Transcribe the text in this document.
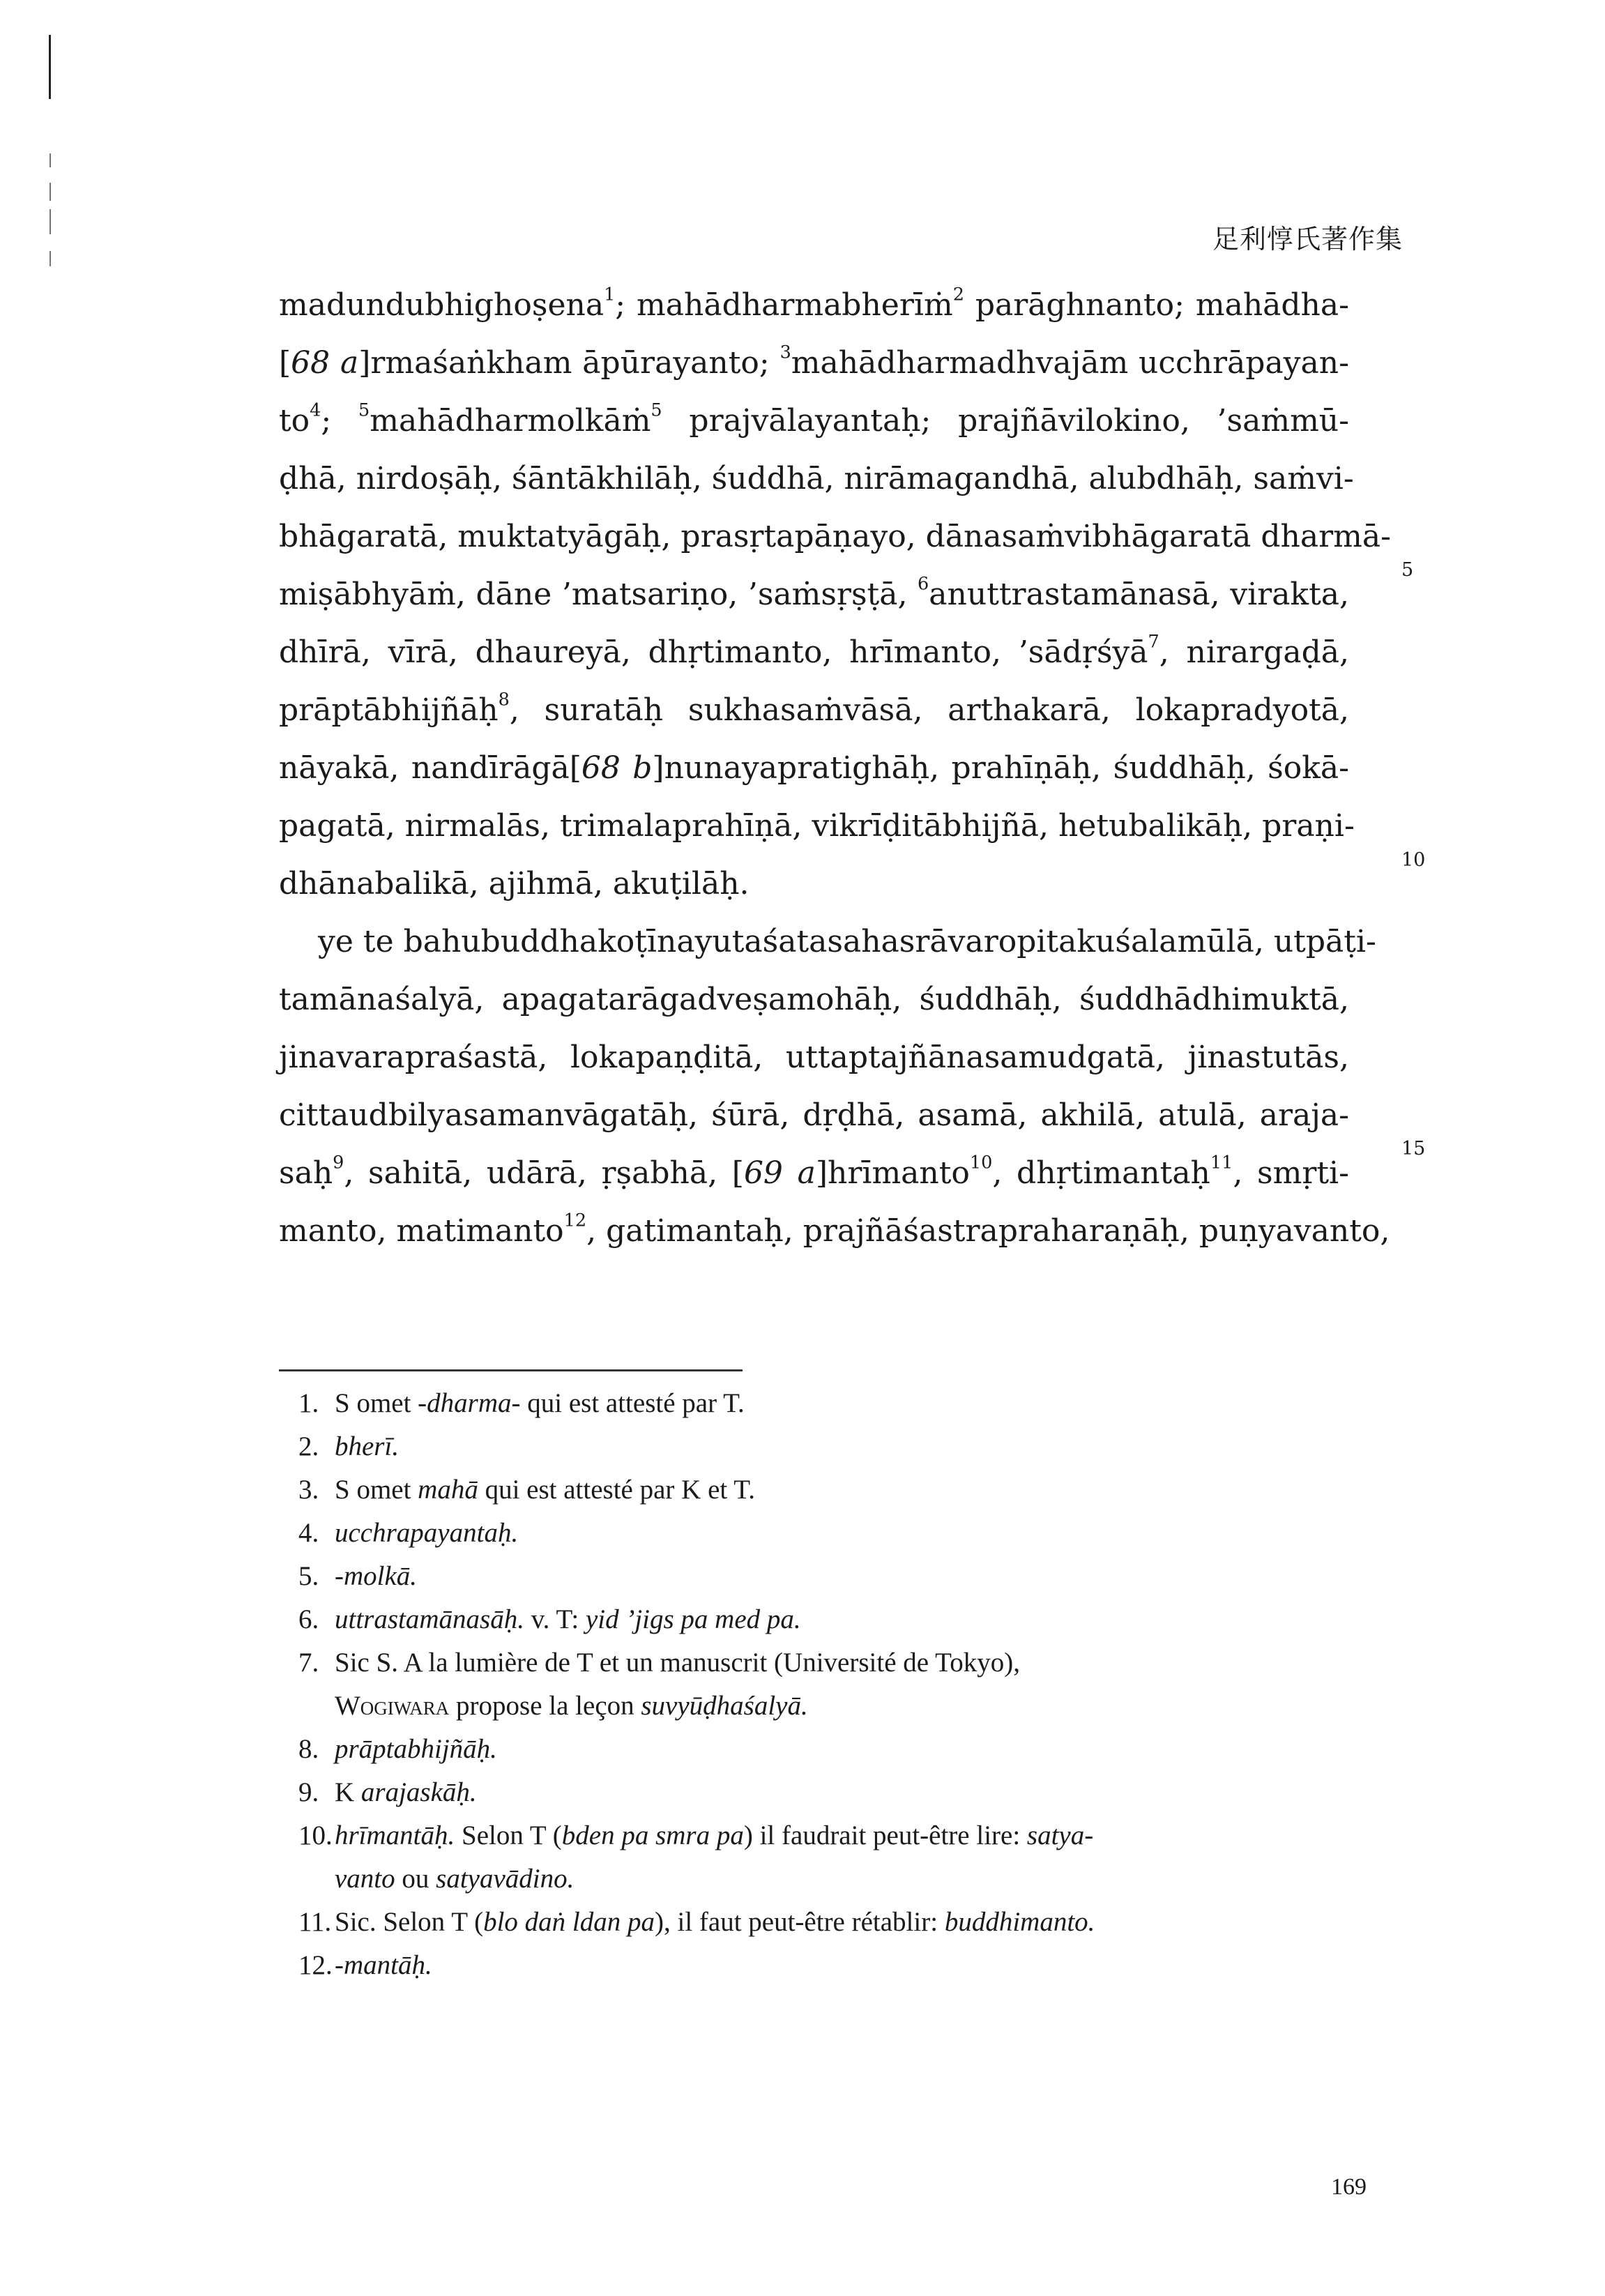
足利惇氏著作集
madundubhighoṣena$^1$; mahādharmabherīṁ$^2$ parāghnanto; mahādha-
[68 a]rmaśaṅkham āpūrayanto; $^3$mahādharmadhvajām ucchrāpayan-
$to^4$; $^5$mahādharmolkāṁ$^5$ prajvālayantaḥ; prajñāvilokino, ’saṁmū-
ḍhā, nirdoṣāḥ, śāntākhilāḥ, śuddhā, nirāmagandhā, alubdhāḥ, saṁvi-
bhāgaratā, muktatyāgāḥ, prasṛtapāṇayo, dānasaṁvibhāgaratā dharmā-
miṣābhyāṁ, dāne ’matsariṇo, ’saṁsṛṣṭā, $^6$anuttrastamānasā, virakta,
dhīrā, vīrā, dhaureyā, dhṛtimanto, hrīmanto, ’sādṛśyā$^7$, nirargaḍā,
prāptābhijñāḥ$^8$, suratāḥ sukhasaṁvāsā, arthakarā, lokapradyotā,
nāyakā, nandīrāgā[68 b]nunayapratighāḥ, prahīṇāḥ, śuddhāḥ, śokā-
pagatā, nirmalās, trimalaprahīṇā, vikrīḍitābhijñā, hetubalikāḥ, praṇi-
dhānabalikā, ajihmā, akuṭilāḥ.
ye te bahubuddhakoṭīnayutaśatasahasrāvaropitakuśalamūlā, utpāṭi-
tamānaśalyā, apagatarāgadveṣamohāḥ, śuddhāḥ, śuddhādhimuktā,
jinavarapraśastā, lokapaṇḍitā, uttaptajñānasamudgatā, jinastutās,
cittaudbilyasamanvāgatāḥ, śūrā, dṛḍhā, asamā, akhilā, atulā, araja-
saḥ$^9$, sahitā, udārā, ṛṣabhā, [69 a]hrīmanto$^{10}$, dhṛtimantaḥ$^{11}$, smṛti-
manto, matimanto$^{12}$, gatimantaḥ, prajñāśastrapraharaṇāḥ, puṇyavanto,
5
10
15
1. S omet -dharma- qui est attesté par T.
2. bherī.
3. S omet mahā qui est attesté par K et T.
4. ucchrapayantaḥ.
5. -molkā.
6. uttrastamānasāḥ. v. T: yid ’jigs pa med pa.
7. Sic S. A la lumière de T et un manuscrit (Université de Tokyo),
Wogiwara propose la leçon suvyūḍhaśalyā.
8. prāptabhijñāḥ.
9. K arajaskāḥ.
10.hrīmantāḥ. Selon T (bden pa smra pa) il faudrait peut-être lire: satya-
vanto ou satyavādino.
11. Sic. Selon T (blo daṅ ldan pa), il faut peut-être rétablir: buddhimanto.
12.-mantāḥ.
169
